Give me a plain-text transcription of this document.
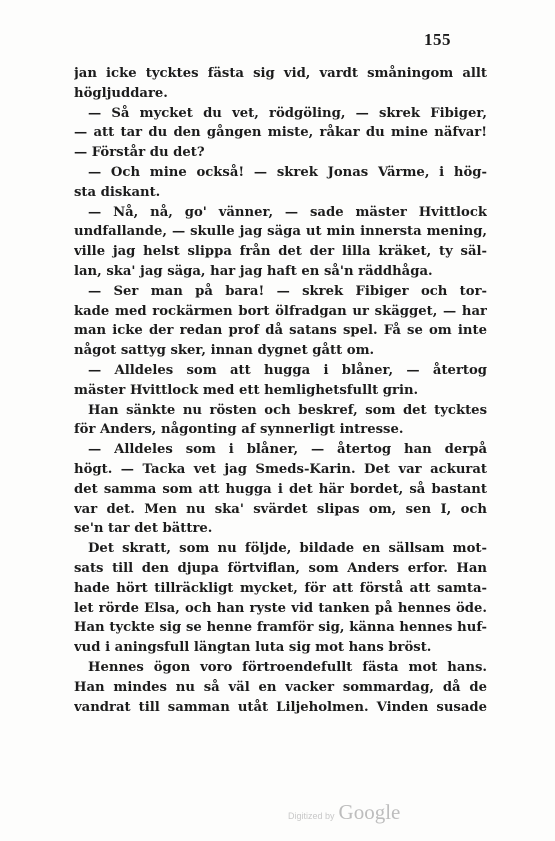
155
jan icke tycktes fästa sig vid, vardt småningom allt
högljuddare.
— Så mycket du vet, rödgöling, — skrek Fibiger,
— att tar du den gången miste, råkar du mine näfvar!
— Förstår du det?
— Och mine också! — skrek Jonas Värme, i hög-
sta diskant.
— Nå, nå, go' vänner, — sade mäster Hvittlock
undfallande, — skulle jag säga ut min innersta mening,
ville jag helst slippa från det der lilla kräket, ty säl-
lan, ska' jag säga, har jag haft en så'n räddhåga.
— Ser man på bara! — skrek Fibiger och tor-
kade med rockärmen bort ölfradgan ur skägget, — har
man icke der redan prof då satans spel. Få se om inte
något sattyg sker, innan dygnet gått om.
— Alldeles som att hugga i blåner, — återtog
mäster Hvittlock med ett hemlighetsfullt grin.
Han sänkte nu rösten och beskref, som det tycktes
för Anders, någonting af synnerligt intresse.
— Alldeles som i blåner, — återtog han derpå
högt. — Tacka vet jag Smeds-Karin. Det var ackurat
det samma som att hugga i det här bordet, så bastant
var det. Men nu ska' svärdet slipas om, sen I, och
se'n tar det bättre.
Det skratt, som nu följde, bildade en sällsam mot-
sats till den djupa förtviflan, som Anders erfor. Han
hade hört tillräckligt mycket, för att förstå att samta-
let rörde Elsa, och han ryste vid tanken på hennes öde.
Han tyckte sig se henne framför sig, känna hennes huf-
vud i aningsfull längtan luta sig mot hans bröst.
Hennes ögon voro förtroendefullt fästa mot hans.
Han mindes nu så väl en vacker sommardag, då de
vandrat till samman utåt Liljeholmen. Vinden susade
Digitized by Google
